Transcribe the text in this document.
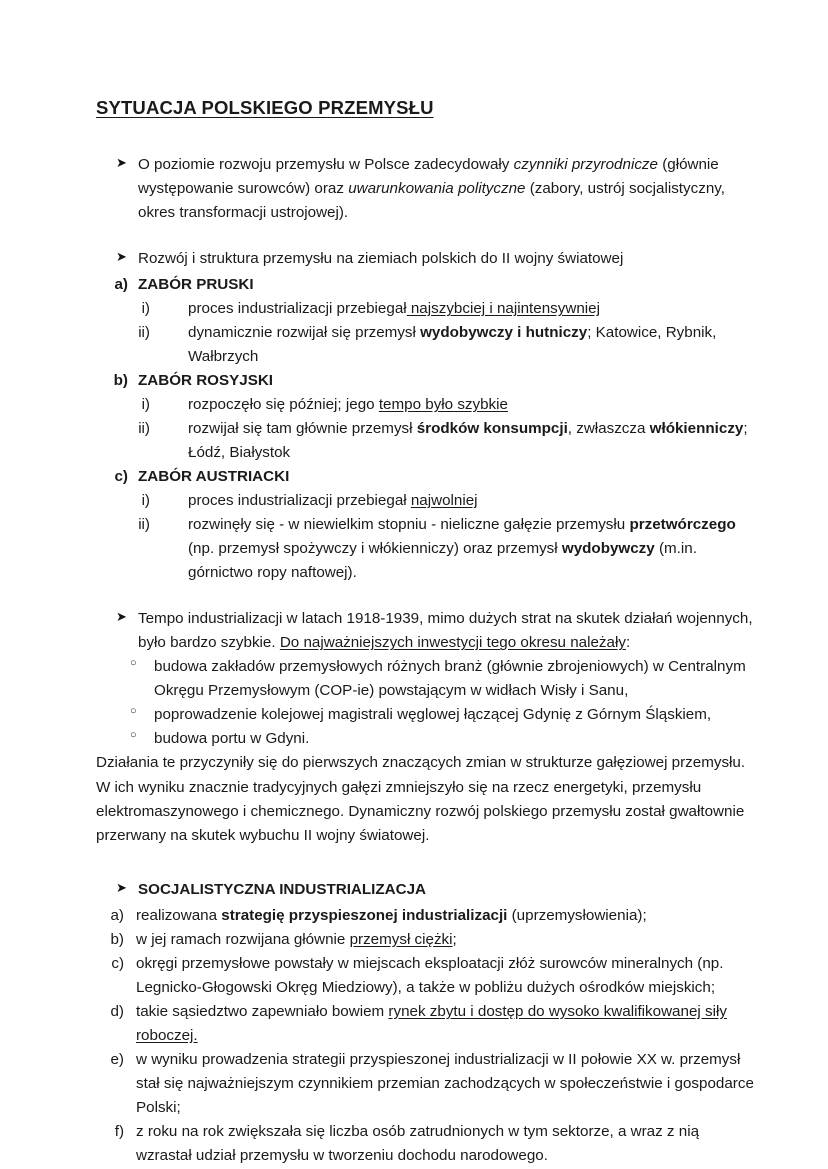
SYTUACJA POLSKIEGO PRZEMYSŁU
➤ O poziomie rozwoju przemysłu w Polsce zadecydowały czynniki przyrodnicze (głównie występowanie surowców) oraz uwarunkowania polityczne (zabory, ustrój socjalistyczny, okres transformacji ustrojowej).
➤ Rozwój i struktura przemysłu na ziemiach polskich do II wojny światowej
a) ZABÓR PRUSKI
i)	proces industrializacji przebiegał najszybciej i najintensywniej
ii)	dynamicznie rozwijał się przemysł wydobywczy i hutniczy; Katowice, Rybnik, Wałbrzych
b) ZABÓR ROSYJSKI
i)	rozpoczęło się później; jego tempo było szybkie
ii)	rozwijał się tam głównie przemysł środków konsumpcji, zwłaszcza włókienniczy; Łódź, Białystok
c) ZABÓR AUSTRIACKI
i)	proces industrializacji przebiegał najwolniej
ii)	rozwinęły się - w niewielkim stopniu - nieliczne gałęzie przemysłu przetwórczego (np. przemysł spożywczy i włókienniczy) oraz przemysł wydobywczy (m.in. górnictwo ropy naftowej).
➤ Tempo industrializacji w latach 1918-1939, mimo dużych strat na skutek działań wojennych, było bardzo szybkie. Do najważniejszych inwestycji tego okresu należały:
○ budowa zakładów przemysłowych różnych branż (głównie zbrojeniowych) w Centralnym Okręgu Przemysłowym (COP-ie) powstającym w widłach Wisły i Sanu,
○ poprowadzenie kolejowej magistrali węglowej łączącej Gdynię z Górnym Śląskiem,
○ budowa portu w Gdyni.

Działania te przyczyniły się do pierwszych znaczących zmian w strukturze gałęziowej przemysłu. W ich wyniku znacznie tradycyjnych gałęzi zmniejszyło się na rzecz energetyki, przemysłu elektromaszynowego i chemicznego. Dynamiczny rozwój polskiego przemysłu został gwałtownie przerwany na skutek wybuchu II wojny światowej.

➤ SOCJALISTYCZNA INDUSTRIALIZACJA
a) realizowana strategię przyspieszonej industrializacji (uprzemysłowienia);
b) w jej ramach rozwijana głównie przemysł ciężki;
c) okręgi przemysłowe powstały w miejscach eksploatacji złóż surowców mineralnych (np. Legnicko-Głogowski Okręg Miedziowy), a także w pobliżu dużych ośrodków miejskich;
d) takie sąsiedztwo zapewniało bowiem rynek zbytu i dostęp do wysoko kwalifikowanej siły roboczej.
e) w wyniku prowadzenia strategii przyspieszonej industrializacji w II połowie XX w. przemysł stał się najważniejszym czynnikiem przemian zachodzących w społeczeństwie i gospodarce Polski;
f) z roku na rok zwiększała się liczba osób zatrudnionych w tym sektorze, a wraz z nią wzrastał udział przemysłu w tworzeniu dochodu narodowego.
